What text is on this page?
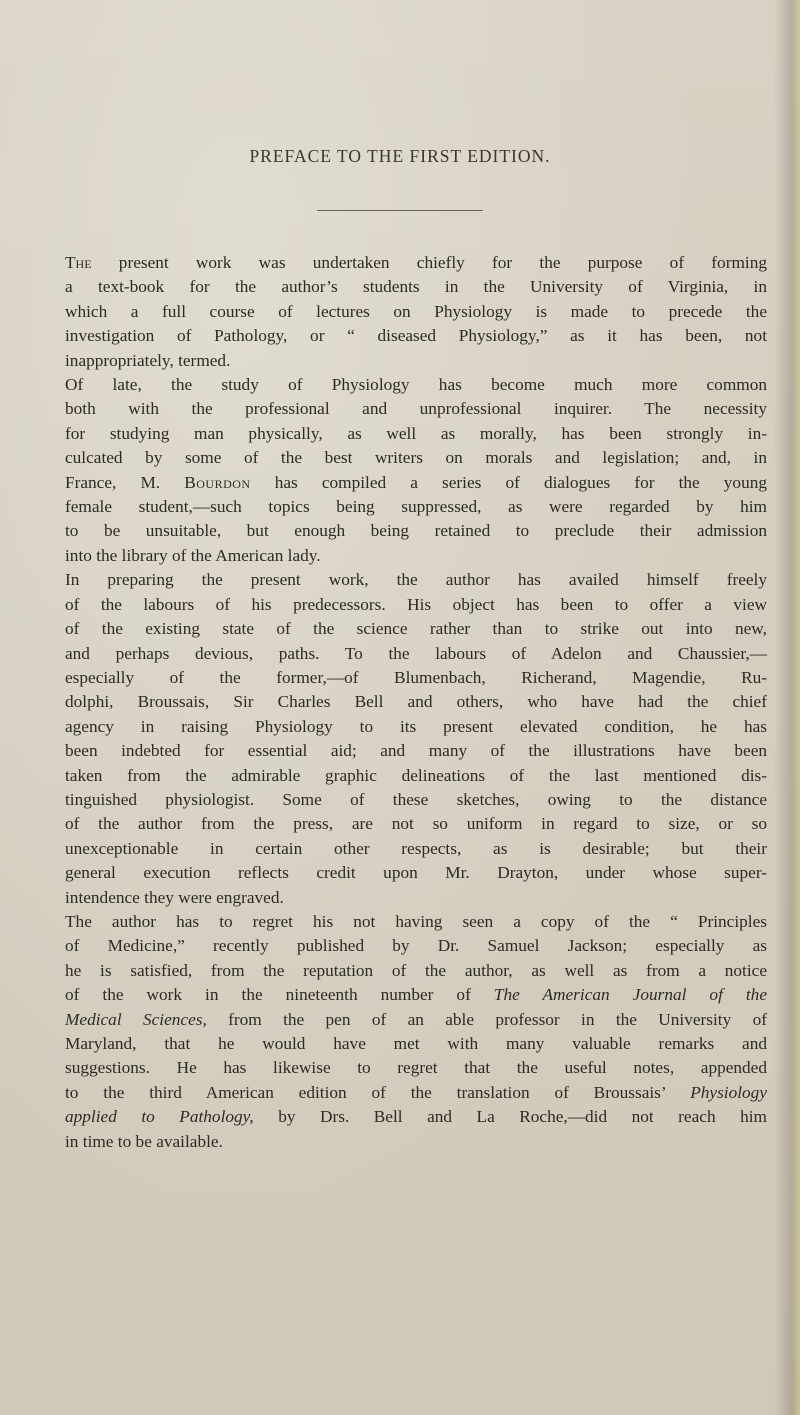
PREFACE TO THE FIRST EDITION.
The present work was undertaken chiefly for the purpose of forming
a text-book for the author’s students in the University of Virginia, in
which a full course of lectures on Physiology is made to precede the
investigation of Pathology, or “ diseased Physiology,” as it has been, not
inappropriately, termed.
Of late, the study of Physiology has become much more common
both with the professional and unprofessional inquirer. The necessity
for studying man physically, as well as morally, has been strongly in-
culcated by some of the best writers on morals and legislation; and, in
France, M. Bourdon has compiled a series of dialogues for the young
female student,—such topics being suppressed, as were regarded by him
to be unsuitable, but enough being retained to preclude their admission
into the library of the American lady.
In preparing the present work, the author has availed himself freely
of the labours of his predecessors. His object has been to offer a view
of the existing state of the science rather than to strike out into new,
and perhaps devious, paths. To the labours of Adelon and Chaussier,—
especially of the former,—of Blumenbach, Richerand, Magendie, Ru-
dolphi, Broussais, Sir Charles Bell and others, who have had the chief
agency in raising Physiology to its present elevated condition, he has
been indebted for essential aid; and many of the illustrations have been
taken from the admirable graphic delineations of the last mentioned dis-
tinguished physiologist. Some of these sketches, owing to the distance
of the author from the press, are not so uniform in regard to size, or so
unexceptionable in certain other respects, as is desirable; but their
general execution reflects credit upon Mr. Drayton, under whose super-
intendence they were engraved.
The author has to regret his not having seen a copy of the “ Principles
of Medicine,” recently published by Dr. Samuel Jackson; especially as
he is satisfied, from the reputation of the author, as well as from a notice
of the work in the nineteenth number of The American Journal of the
Medical Sciences, from the pen of an able professor in the University of
Maryland, that he would have met with many valuable remarks and
suggestions. He has likewise to regret that the useful notes, appended
to the third American edition of the translation of Broussais’ Physiology
applied to Pathology, by Drs. Bell and La Roche,—did not reach him
in time to be available.
